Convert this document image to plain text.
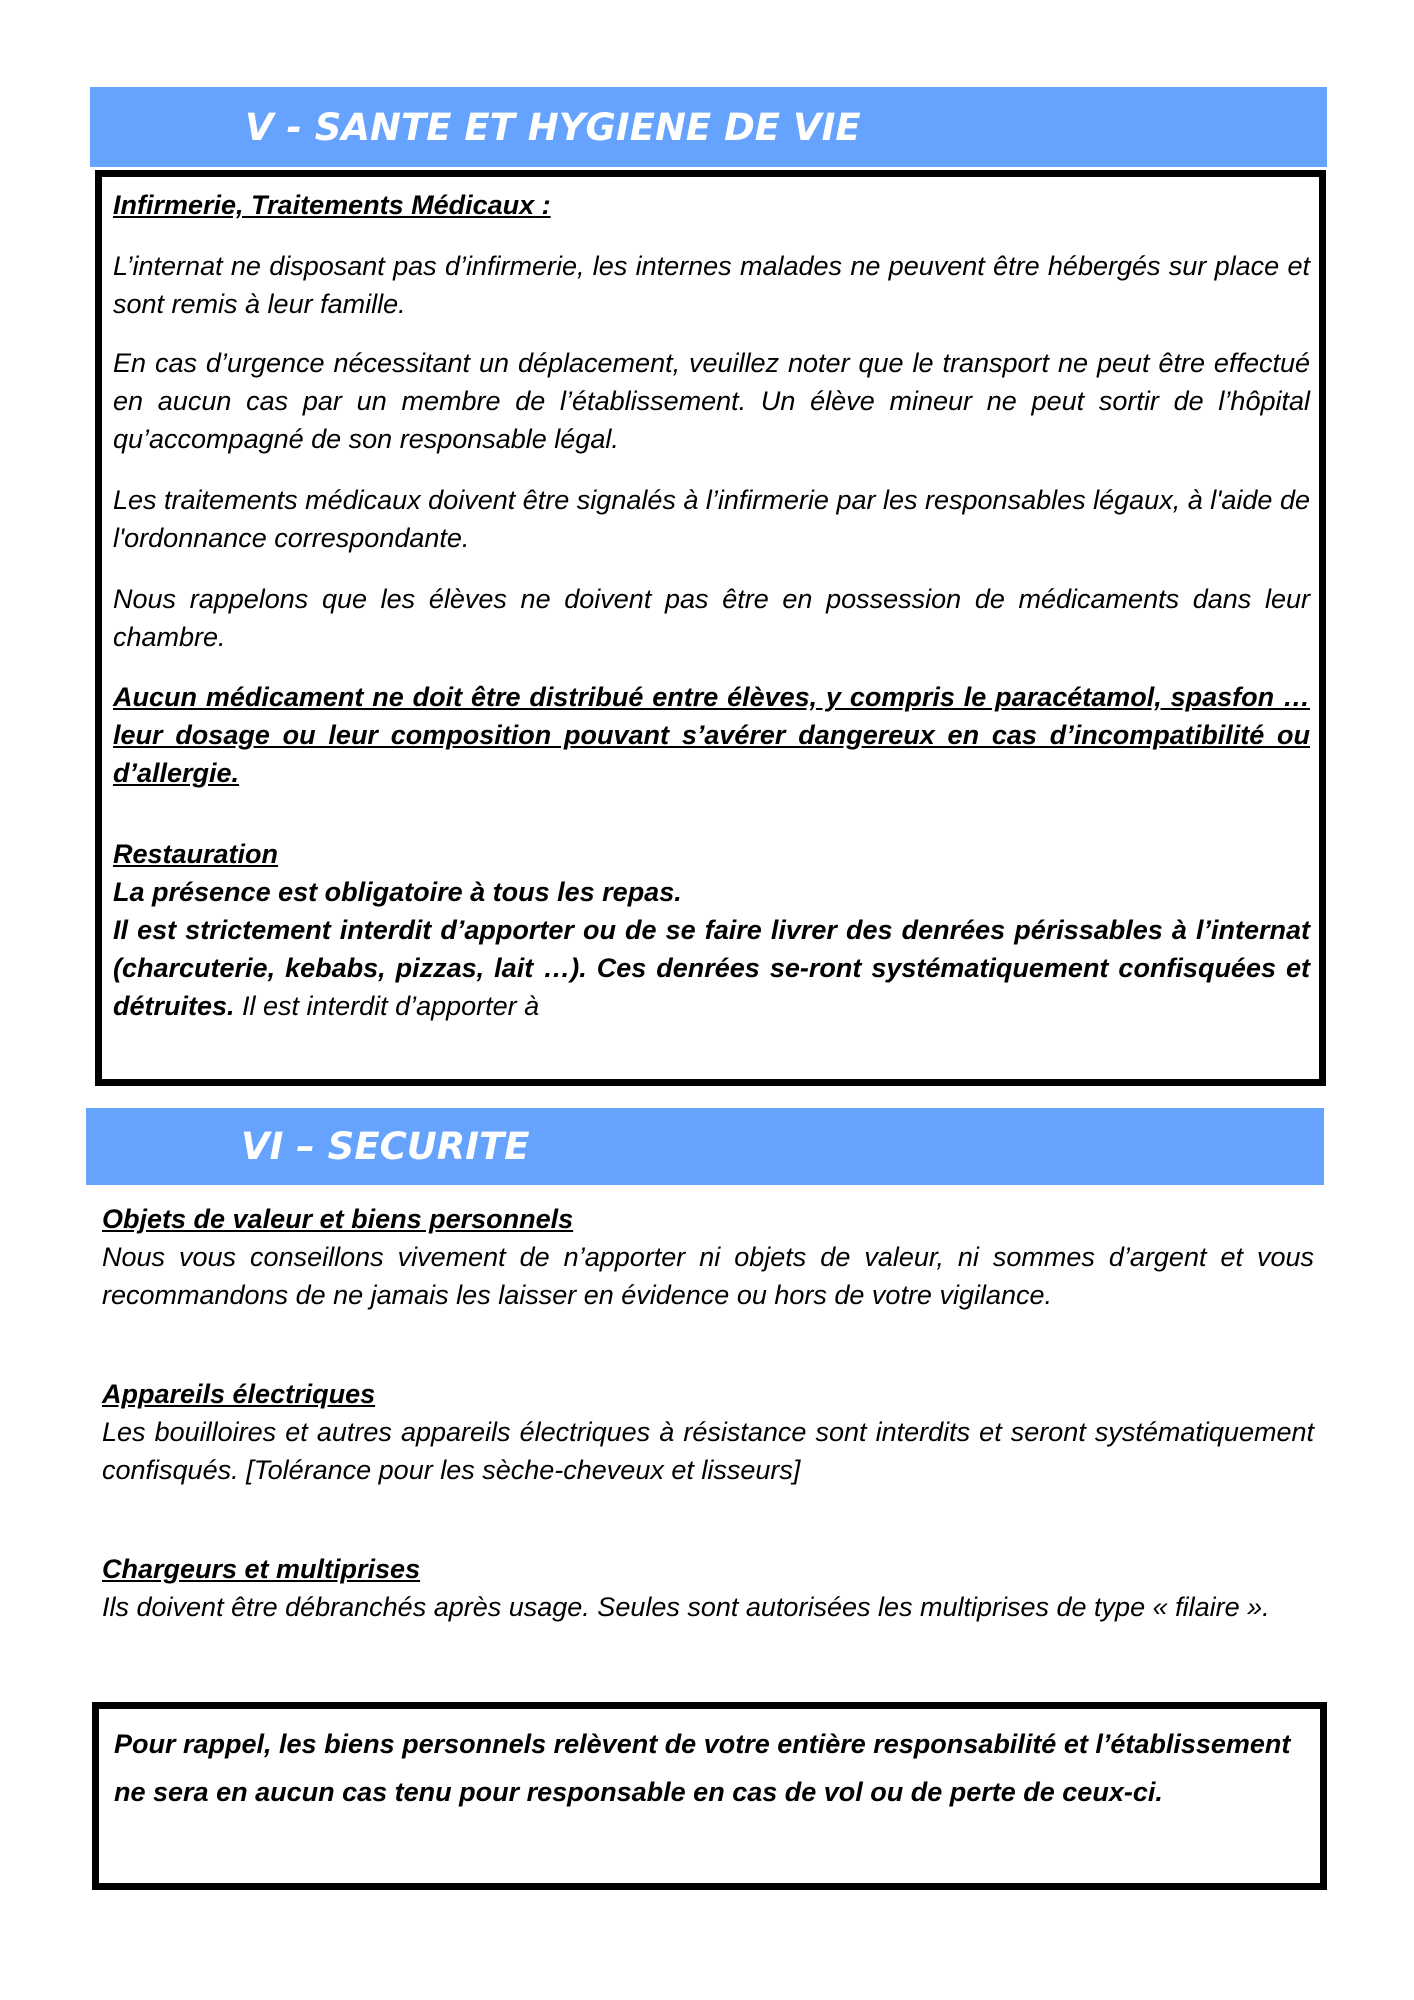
V - SANTE ET HYGIENE DE VIE
Infirmerie, Traitements Médicaux :
L’internat ne disposant pas d’infirmerie, les internes malades ne peuvent être hébergés sur place et sont remis à leur famille.
En cas d’urgence nécessitant un déplacement, veuillez noter que le transport ne peut être effectué en aucun cas par un membre de l’établissement. Un élève mineur ne peut sortir de l’hôpital qu’accompagné de son responsable légal.
Les traitements médicaux doivent être signalés à l’infirmerie par les responsables légaux, à l'aide de l'ordonnance correspondante.
Nous rappelons que les élèves ne doivent pas être en possession de médicaments dans leur chambre.
Aucun médicament ne doit être distribué entre élèves, y compris le paracétamol, spasfon … leur dosage ou leur composition pouvant s’avérer dangereux en cas d’incompatibilité ou d’allergie.
Restauration
La présence est obligatoire à tous les repas.
Il est strictement interdit d’apporter ou de se faire livrer des denrées périssables à l’internat (charcuterie, kebabs, pizzas, lait …). Ces denrées se-ront systématiquement confisquées et détruites. Il est interdit d’apporter à
VI – SECURITE
Objets de valeur et biens personnels
Nous vous conseillons vivement de n’apporter ni objets de valeur, ni sommes d’argent et vous recommandons de ne jamais les laisser en évidence ou hors de votre vigilance.
Appareils électriques
Les bouilloires et autres appareils électriques à résistance sont interdits et seront systématiquement confisqués. [Tolérance pour les sèche-cheveux et lisseurs]
Chargeurs et multiprises
Ils doivent être débranchés après usage. Seules sont autorisées les multiprises de type « filaire ».
Pour rappel, les biens personnels relèvent de votre entière responsabilité et l’établissement ne sera en aucun cas tenu pour responsable en cas de vol ou de perte de ceux-ci.
